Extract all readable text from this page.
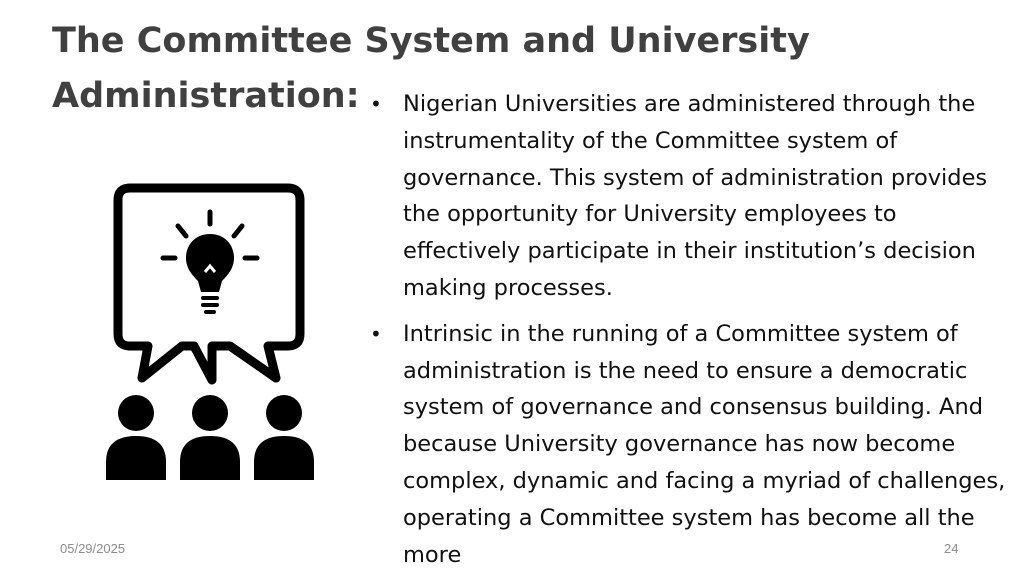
The Committee System and University Administration: • Nigerian Universities are administered through the instrumentality of the Committee system of governance. This system of administration provides the opportunity for University employees to effectively participate in their institution’s decision making processes.
• Intrinsic in the running of a Committee system of administration is the need to ensure a democratic system of governance and consensus building. And because University governance has now become complex, dynamic and facing a myriad of challenges, operating a Committee system has become all the more
05/29/2025	24
